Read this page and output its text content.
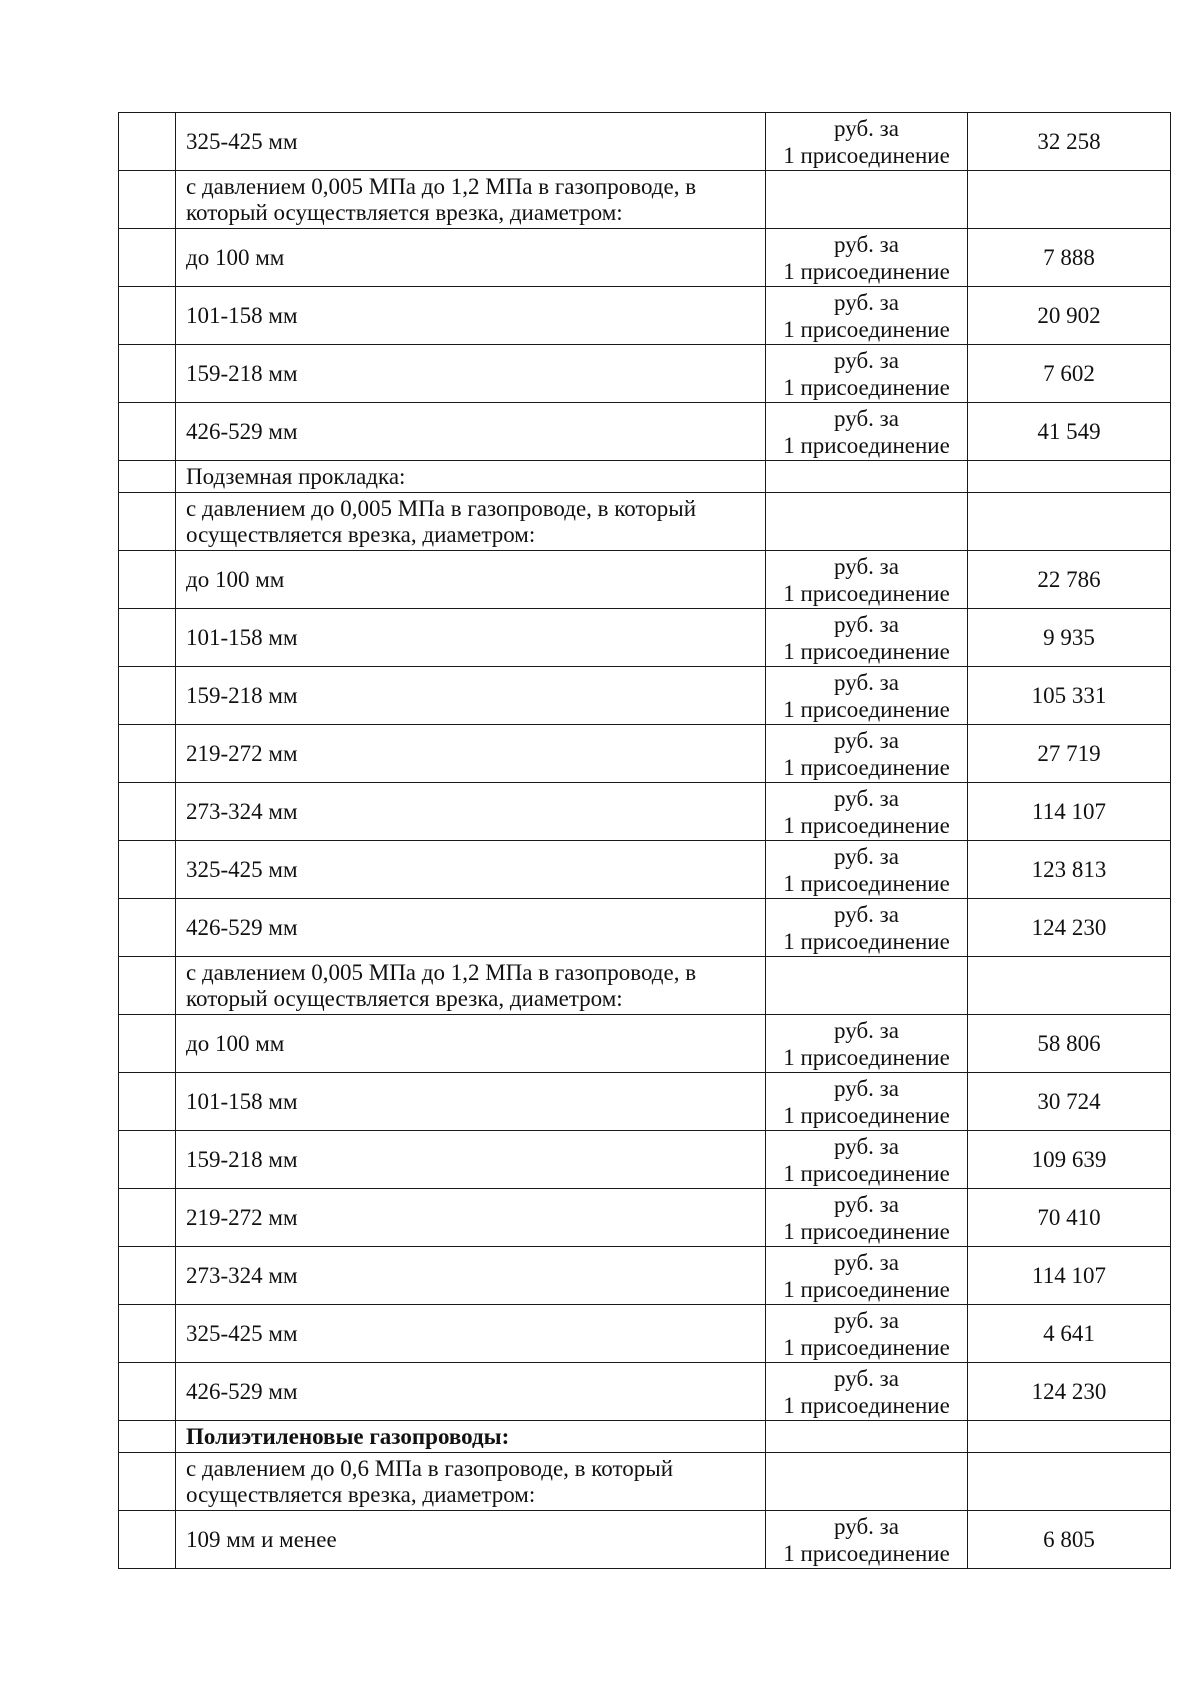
	325-425 мм	руб. за
1 присоединение	32 258
	с давлением 0,005 МПа до 1,2 МПа в газопроводе, в который осуществляется врезка, диаметром:		
	до 100 мм	руб. за
1 присоединение	7 888
	101-158 мм	руб. за
1 присоединение	20 902
	159-218 мм	руб. за
1 присоединение	7 602
	426-529 мм	руб. за
1 присоединение	41 549
	Подземная прокладка:		
	с давлением до 0,005 МПа в газопроводе, в который осуществляется врезка, диаметром:		
	до 100 мм	руб. за
1 присоединение	22 786
	101-158 мм	руб. за
1 присоединение	9 935
	159-218 мм	руб. за
1 присоединение	105 331
	219-272 мм	руб. за
1 присоединение	27 719
	273-324 мм	руб. за
1 присоединение	114 107
	325-425 мм	руб. за
1 присоединение	123 813
	426-529 мм	руб. за
1 присоединение	124 230
	с давлением 0,005 МПа до 1,2 МПа в газопроводе, в который осуществляется врезка, диаметром:		
	до 100 мм	руб. за
1 присоединение	58 806
	101-158 мм	руб. за
1 присоединение	30 724
	159-218 мм	руб. за
1 присоединение	109 639
	219-272 мм	руб. за
1 присоединение	70 410
	273-324 мм	руб. за
1 присоединение	114 107
	325-425 мм	руб. за
1 присоединение	4 641
	426-529 мм	руб. за
1 присоединение	124 230
	Полиэтиленовые газопроводы:		
	с давлением до 0,6 МПа в газопроводе, в который осуществляется врезка, диаметром:		
	109 мм и менее	руб. за
1 присоединение	6 805
